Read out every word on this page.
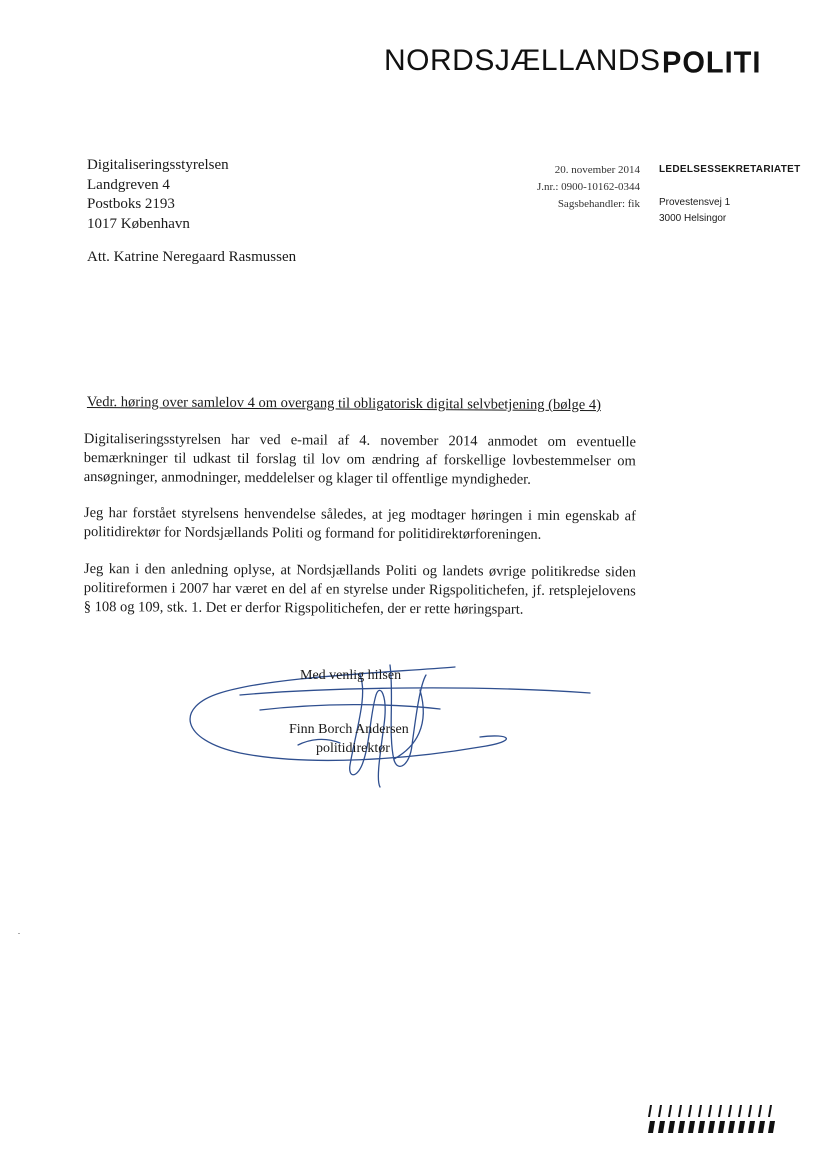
NORDSJÆLLANDS POLITI
Digitaliseringsstyrelsen
Landgreven 4
Postboks 2193
1017 København
Att. Katrine Neregaard Rasmussen
20. november 2014
J.nr.: 0900-10162-0344
Sagsbehandler: fik
LEDELSESSEKRETARIATET
Provestensvej 1
3000 Helsingor
Vedr. høring over samlelov 4 om overgang til obligatorisk digital selvbetjening (bølge 4)
Digitaliseringsstyrelsen har ved e-mail af 4. november 2014 anmodet om eventuelle bemærkninger til udkast til forslag til lov om ændring af forskellige lovbestemmelser om ansøgninger, anmodninger, meddelelser og klager til offentlige myndigheder.
Jeg har forstået styrelsens henvendelse således, at jeg modtager høringen i min egenskab af politidirektør for Nordsjællands Politi og formand for politidirektørforeningen.
Jeg kan i den anledning oplyse, at Nordsjællands Politi og landets øvrige politikredse siden politireformen i 2007 har været en del af en styrelse under Rigspolitichefen, jf. retsplejelovens § 108 og 109, stk. 1. Det er derfor Rigspolitichefen, der er rette høringspart.
Med venlig hilsen
Finn Borch Andersen
politidirektør
